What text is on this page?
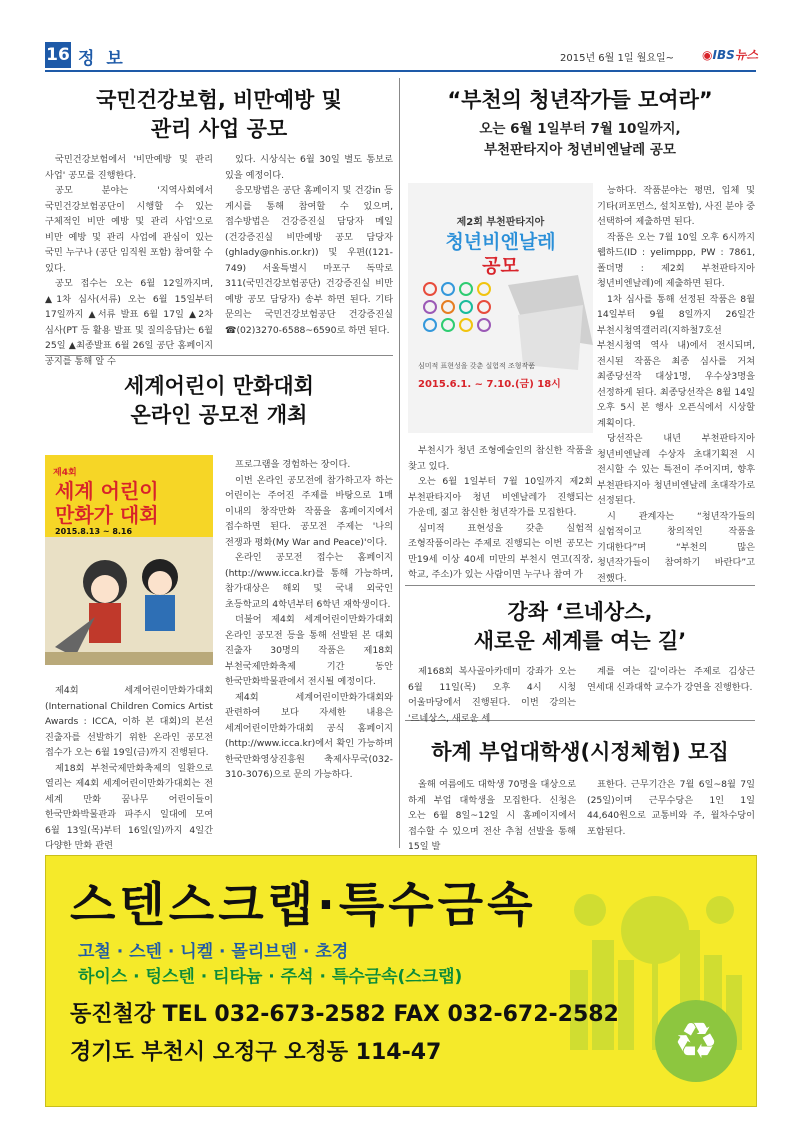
16 정 보	2015년 6월 1일 월요일~ ◉IBS뉴스
국민건강보험, 비만예방 및
관리 사업 공모

국민건강보험에서 '비만예방 및 관리 사업' 공모를 진행한다.

공모 분야는 '지역사회에서 국민건강보험공단이 시행할 수 있는 구체적인 비만 예방 및 관리 사업'으로 비만 예방 및 관리 사업에 관심이 있는 국민 누구나 (공단 임직원 포함) 참여할 수 있다.

공모 접수는 오는 6월 12일까지며, ▲1차 심사(서류) 오는 6월 15일부터 17일까지 ▲서류 발표 6월 17일 ▲2차 심사(PT 등 활용 발표 및 질의응답)는 6월 25일 ▲최종발표 6월 26일 공단 홈페이지 공지를 통해 알 수

있다. 시상식는 6월 30일 별도 통보로 있을 예정이다.

응모방법은 공단 홈페이지 및 건강in 등 게시를 통해 참여할 수 있으며, 접수방법은 건강증진실 담당자 메일(건강증진실 비만예방 공모 담당자(ghlady@nhis.or.kr)) 및 우편((121-749) 서울특별시 마포구 독막로 311(국민건강보험공단) 건강증진실 비만 예방 공모 담당자) 송부 하면 된다. 기타 문의는 국민건강보험공단 건강증진실 ☎(02)3270-6588~6590로 하면 된다.

세계어린이 만화대회
온라인 공모전 개최
제4회
세계 어린이
만화가 대회
2015.8.13 ~ 8.16

제4회 세계어린이만화가대회(International Children Comics Artist Awards : ICCA, 이하 본 대회)의 본선 진출자를 선발하기 위한 온라인 공모전 접수가 오는 6월 19일(금)까지 진행된다.

제18회 부천국제만화축제의 일환으로 열리는 제4회 세계어린이만화가대회는 전 세계 만화 꿈나무 어린이들이 한국만화박물관과 파주시 일대에 모여 6월 13일(목)부터 16일(일)까지 4일간 다양한 만화 관련

프로그램을 경험하는 장이다.

이번 온라인 공모전에 참가하고자 하는 어린이는 주어진 주제를 바탕으로 1매 이내의 창작만화 작품을 홈페이지에서 접수하면 된다. 공모전 주제는 '나의 전쟁과 평화(My War and Peace)'이다.

온라인 공모전 접수는 홈페이지(http://www.icca.kr)를 통해 가능하며, 참가대상은 해외 및 국내 외국인 초등학교의 4학년부터 6학년 재학생이다.

더불어 제4회 세계어린이만화가대회 온라인 공모전 등을 통해 선발된 본 대회 진출자 30명의 작품은 제18회 부천국제만화축제 기간 동안 한국만화박물관에서 전시될 예정이다.

제4회 세계어린이만화가대회와 관련하여 보다 자세한 내용은 세계어린이만화가대회 공식 홈페이지(http://www.icca.kr)에서 확인 가능하며 한국만화영상진흥원 축제사무국(032-310-3076)으로 문의 가능하다.

“부천의 청년작가들 모여라”
오는 6월 1일부터 7월 10일까지,
부천판타지아 청년비엔날레 공모
제2회 부천판타지아
청년비엔날레
공모
심미적 표현성을 갖춘 실험적 조형작품
2015.6.1. ~ 7.10.(금) 18시

부천시가 청년 조형예술인의 참신한 작품을 찾고 있다.

오는 6월 1일부터 7월 10일까지 제2회 부천판타지아 청년 비엔날레가 진행되는 가운데, 젊고 참신한 청년작가를 모집한다.

심미적 표현성을 갖춘 실험적 조형작품이라는 주제로 진행되는 이번 공모는 만19세 이상 40세 미만의 부천시 연고(직장, 학교, 주소)가 있는 사람이면 누구나 참여 가

능하다. 작품분야는 평면, 입체 및 기타(퍼포먼스, 설치포함), 사진 분야 중 선택하여 제출하면 된다.

작품은 오는 7월 10일 오후 6시까지 웹하드(ID : yelimppp, PW : 7861, 폴더명 : 제2회 부천판타지아 청년비엔날레)에 제출하면 된다.

1차 심사를 통해 선정된 작품은 8월 14일부터 9월 8일까지 26일간 부천시청역갤러리(지하철7호선 부천시청역 역사 내)에서 전시되며, 전시된 작품은 최종 심사를 거쳐 최종당선작 대상1명, 우수상3명을 선정하게 된다. 최종당선작은 8월 14일 오후 5시 본 행사 오픈식에서 시상할 계획이다.

당선작은 내년 부천판타지아 청년비엔날레 수상자 초대기획전 시 전시할 수 있는 특전이 주어지며, 향후 부천판타지아 청년비엔날레 초대작가로 선정된다.

시 관계자는 “청년작가들의 실험적이고 창의적인 작품을 기대한다”며 “부천의 많은 청년작가들이 참여하기 바란다”고 전했다.

강좌 ‘르네상스,
새로운 세계를 여는 길’

제168회 복사골아카데미 강좌가 오는 6월 11일(목) 오후 4시 시청 어울마당에서 진행된다. 이번 강의는 '르네상스, 새로운 세

계를 여는 길'이라는 주제로 김상근 연세대 신과대학 교수가 강연을 진행한다.

하계 부업대학생(시정체험) 모집

올해 여름에도 대학생 70명을 대상으로 하계 부업 대학생을 모집한다. 신청은 오는 6월 8일~12일 시 홈페이지에서 접수할 수 있으며 전산 추첨 선발을 통해 15일 발

표한다. 근무기간은 7월 6일~8월 7일(25일)이며 근무수당은 1인 1일 44,640원으로 교통비와 주, 월차수당이 포함된다.

♻
스텐스크랩·특수금속
고철 · 스텐 · 니켈 · 몰리브덴 · 초경
하이스 · 텅스텐 · 티타늄 · 주석 · 특수금속(스크랩)
동진철강 TEL 032-673-2582 FAX 032-672-2582
경기도 부천시 오정구 오정동 114-47
